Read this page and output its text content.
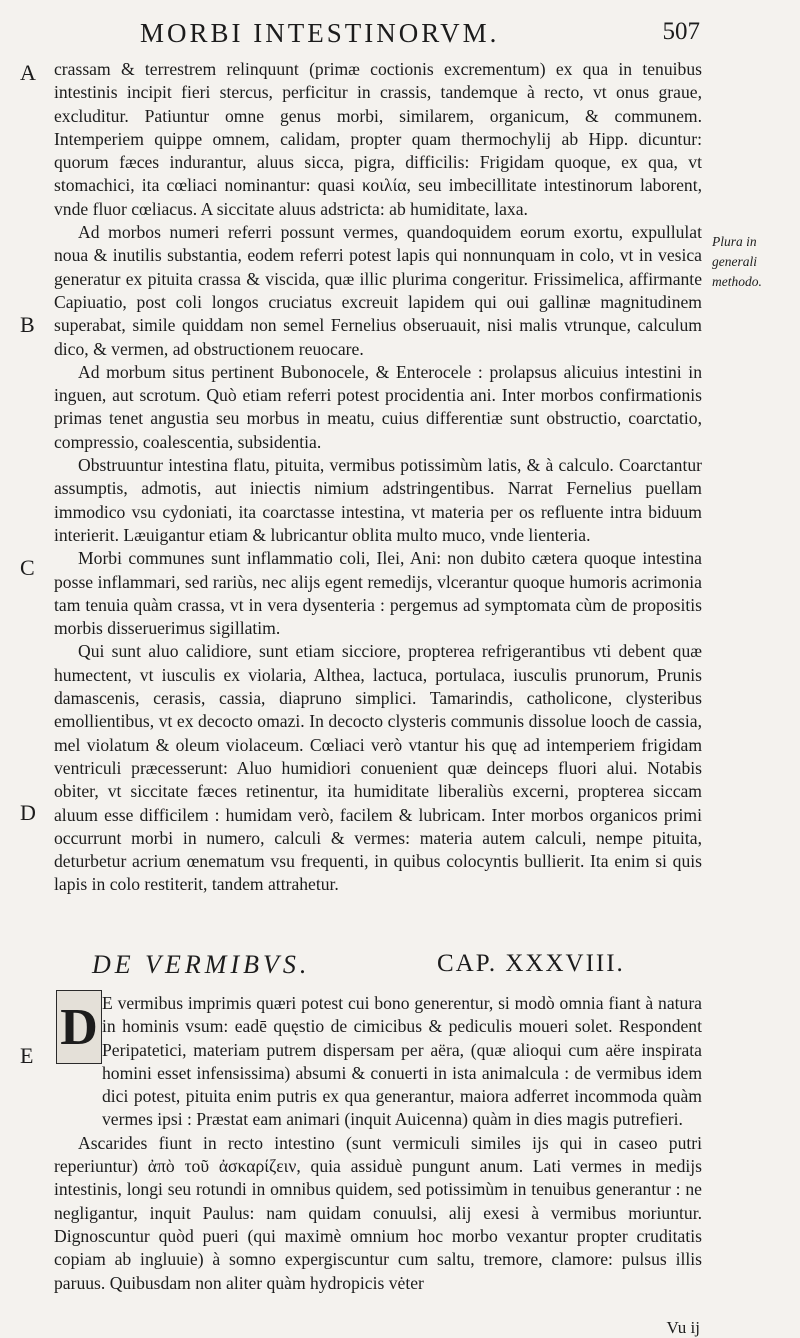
MORBI INTESTINORVM.	507
A
B
C
D
E
Plura in generali methodo.

crassam & terrestrem relinquunt (primæ coctionis excrementum) ex qua in tenuibus intestinis incipit fieri stercus, perficitur in crassis, tandemque à recto, vt onus graue, excluditur. Patiuntur omne genus morbi, similarem, organicum, & communem. Intemperiem quippe omnem, calidam, propter quam thermochylij ab Hipp. dicuntur: quorum fæces indurantur, aluus sicca, pigra, difficilis: Frigidam quoque, ex qua, vt stomachici, ita cœliaci nominantur: quasi κοιλία, seu imbecillitate intestinorum laborent, vnde fluor cœliacus. A siccitate aluus adstricta: ab humiditate, laxa.

Ad morbos numeri referri possunt vermes, quandoquidem eorum exortu, expullulat noua & inutilis substantia, eodem referri potest lapis qui nonnunquam in colo, vt in vesica generatur ex pituita crassa & viscida, quæ illic plurima congeritur. Frissimelica, affirmante Capiuatio, post coli longos cruciatus excreuit lapidem qui oui gallinæ magnitudinem superabat, simile quiddam non semel Fernelius obseruauit, nisi malis vtrunque, calculum dico, & vermen, ad obstructionem reuocare.

Ad morbum situs pertinent Bubonocele, & Enterocele : prolapsus alicuius intestini in inguen, aut scrotum. Quò etiam referri potest procidentia ani. Inter morbos confirmationis primas tenet angustia seu morbus in meatu, cuius differentiæ sunt obstructio, coarctatio, compressio, coalescentia, subsidentia.

Obstruuntur intestina flatu, pituita, vermibus potissimùm latis, & à calculo. Coarctantur assumptis, admotis, aut iniectis nimium adstringentibus. Narrat Fernelius puellam immodico vsu cydoniati, ita coarctasse intestina, vt materia per os refluente intra biduum interierit. Læuigantur etiam & lubricantur oblita multo muco, vnde lienteria.

Morbi communes sunt inflammatio coli, Ilei, Ani: non dubito cætera quoque intestina posse inflammari, sed rariùs, nec alijs egent remedijs, vlcerantur quoque humoris acrimonia tam tenuia quàm crassa, vt in vera dysenteria : pergemus ad symptomata cùm de propositis morbis disseruerimus sigillatim.

Qui sunt aluo calidiore, sunt etiam sicciore, propterea refrigerantibus vti debent quæ humectent, vt iusculis ex violaria, Althea, lactuca, portulaca, iusculis prunorum, Prunis damascenis, cerasis, cassia, diapruno simplici. Tamarindis, catholicone, clysteribus emollientibus, vt ex decocto omazi. In decocto clysteris communis dissolue looch de cassia, mel violatum & oleum violaceum. Cœliaci verò vtantur his quę ad intemperiem frigidam ventriculi præcesserunt: Aluo humidiori conuenient quæ deinceps fluori alui. Notabis obiter, vt siccitate fæces retinentur, ita humiditate liberaliùs excerni, propterea siccam aluum esse difficilem : humidam verò, facilem & lubricam. Inter morbos organicos primi occurrunt morbi in numero, calculi & vermes: materia autem calculi, nempe pituita, deturbetur acrium œnematum vsu frequenti, in quibus colocyntis bullierit. Ita enim si quis lapis in colo restiterit, tandem attrahetur.

DE VERMIBVS.	CAP. XXXVIII.
D E vermibus imprimis quæri potest cui bono generentur, si modò omnia fiant à natura in hominis vsum: eadē quęstio de cimicibus & pediculis moueri solet. Respondent Peripatetici, materiam putrem dispersam per aëra, (quæ alioqui cum aëre inspirata homini esset infensissima) absumi & conuerti in ista animalcula : de vermibus idem dici potest, pituita enim putris ex qua generantur, maiora adferret incommoda quàm vermes ipsi : Præstat eam animari (inquit Auicenna) quàm in dies magis putrefieri.

Ascarides fiunt in recto intestino (sunt vermiculi similes ijs qui in caseo putri reperiuntur) ἀπὸ τοῦ ἀσκαρίζειν, quia assiduè pungunt anum. Lati vermes in medijs intestinis, longi seu rotundi in omnibus quidem, sed potissimùm in tenuibus generantur : ne negligantur, inquit Paulus: nam quidam conuulsi, alij exesi à vermibus moriuntur. Dignoscuntur quòd pueri (qui maximè omnium hoc morbo vexantur propter cruditatis copiam ab ingluuie) à somno expergiscuntur cum saltu, tremore, clamore: pulsus illis paruus. Quibusdam non aliter quàm hydropicis vėter

Vu ij
